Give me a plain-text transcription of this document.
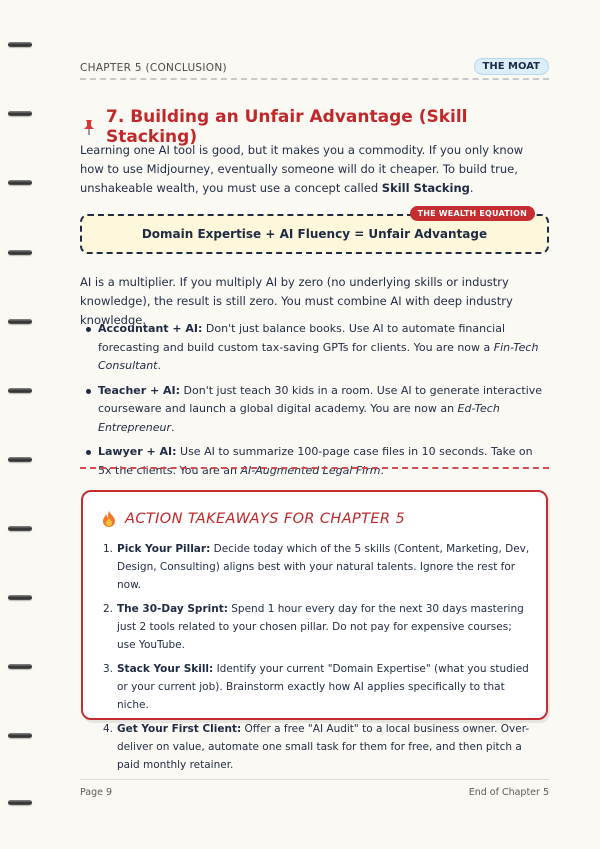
CHAPTER 5 (CONCLUSION)	THE MOAT
7. Building an Unfair Advantage (Skill Stacking)

Learning one AI tool is good, but it makes you a commodity. If you only know how to use Midjourney, eventually someone will do it cheaper. To build true, unshakeable wealth, you must use a concept called Skill Stacking.

THE WEALTH EQUATION
Domain Expertise + AI Fluency = Unfair Advantage

AI is a multiplier. If you multiply AI by zero (no underlying skills or industry knowledge), the result is still zero. You must combine AI with deep industry knowledge.

Accountant + AI: Don't just balance books. Use AI to automate financial forecasting and build custom tax-saving GPTs for clients. You are now a Fin-Tech Consultant.
Teacher + AI: Don't just teach 30 kids in a room. Use AI to generate interactive courseware and launch a global digital academy. You are now an Ed-Tech Entrepreneur.
Lawyer + AI: Use AI to summarize 100-page case files in 10 seconds. Take on 5x the clients. You are an AI-Augmented Legal Firm.
ACTION TAKEAWAYS FOR CHAPTER 5
1. Pick Your Pillar: Decide today which of the 5 skills (Content, Marketing, Dev, Design, Consulting) aligns best with your natural talents. Ignore the rest for now.
2. The 30-Day Sprint: Spend 1 hour every day for the next 30 days mastering just 2 tools related to your chosen pillar. Do not pay for expensive courses; use YouTube.
3. Stack Your Skill: Identify your current "Domain Expertise" (what you studied or your current job). Brainstorm exactly how AI applies specifically to that niche.
4. Get Your First Client: Offer a free "AI Audit" to a local business owner. Over-deliver on value, automate one small task for them for free, and then pitch a paid monthly retainer.
Page 9	End of Chapter 5
